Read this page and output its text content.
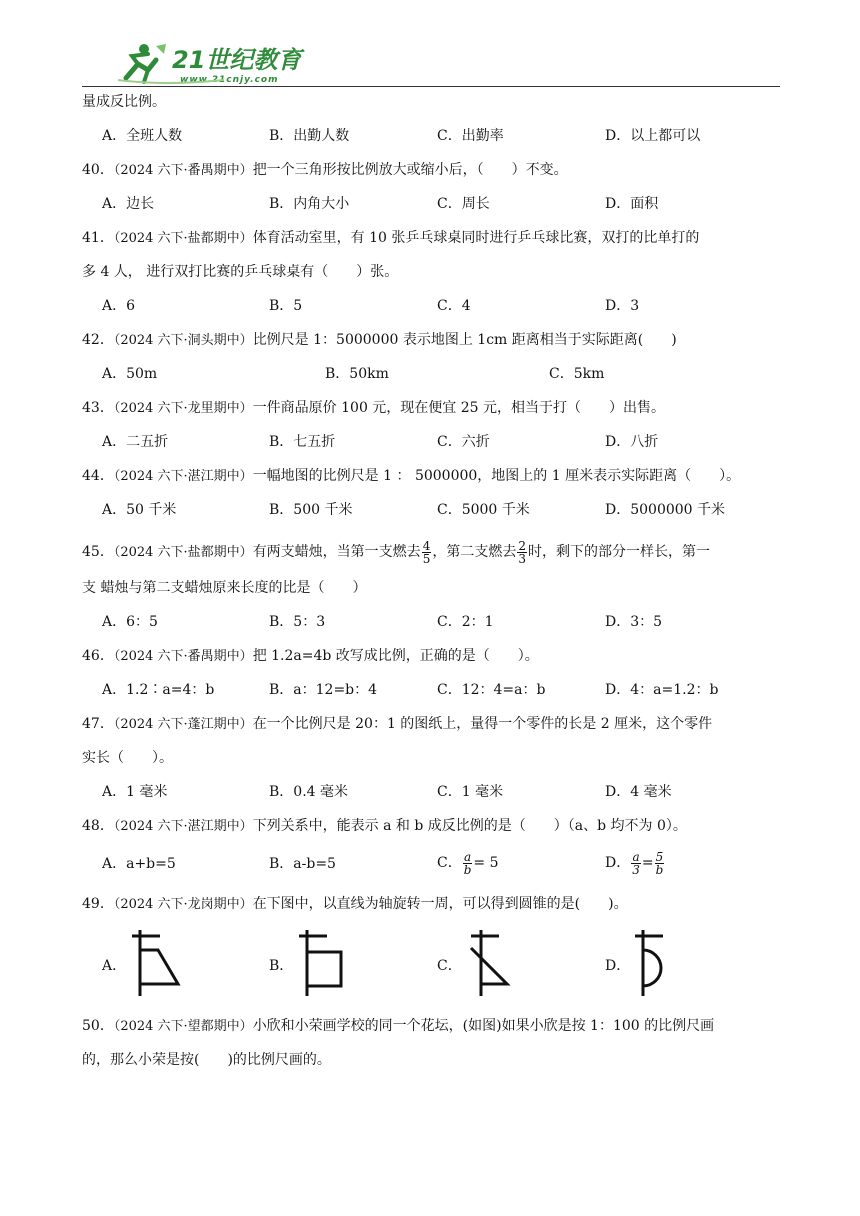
21世纪教育
www.21cnjy.com
量成反比例。
A．全班人数	B．出勤人数	C．出勤率	D．以上都可以
40．（2024 六下·番禺期中）把一个三角形按比例放大或缩小后，（　　）不变。
A．边长	B．内角大小	C．周长	D．面积
41．（2024 六下·盐都期中）体育活动室里，有 10 张乒乓球桌同时进行乒乓球比赛，双打的比单打的
多 4 人， 进行双打比赛的乒乓球桌有（　　）张。
A．6	B．5	C．4	D．3
42．（2024 六下·洞头期中）比例尺是 1：5000000 表示地图上 1cm 距离相当于实际距离(　　)
A．50m	B．50km	C．5km
43．（2024 六下·龙里期中）一件商品原价 100 元，现在便宜 25 元，相当于打（　　）出售。
A．二五折	B．七五折	C．六折	D．八折
44．（2024 六下·湛江期中）一幅地图的比例尺是 1 ： 5000000，地图上的 1 厘米表示实际距离（　　）。
A．50 千米	B．500 千米	C．5000 千米	D．5000000 千米
45．（2024 六下·盐都期中）有两支蜡烛，当第一支燃去 $\frac{4}{5}$ ，第二支燃去 $\frac{2}{3}$ 时，剩下的部分一样长，第一
支 蜡烛与第二支蜡烛原来长度的比是（　　）
A．6：5	B．5：3	C．2：1	D．3：5
46．（2024 六下·番禺期中）把 1.2a=4b 改写成比例，正确的是（　　）。
A．1.2∶a=4：b	B．a：12=b：4	C．12：4=a：b	D．4：a=1.2：b
47．（2024 六下·蓬江期中）在一个比例尺是 20：1 的图纸上，量得一个零件的长是 2 厘米，这个零件
实长（　　）。
A．1 毫米	B．0.4 毫米	C．1 毫米	D．4 毫米
48．（2024 六下·湛江期中）下列关系中，能表示 a 和 b 成反比例的是（　　）（a、b 均不为 0）。
A．a+b=5	B．a-b=5	C． $\frac{a}{b} = 5$	D． $\frac{a}{3} = \frac{5}{b}$
49．（2024 六下·龙岗期中）在下图中，以直线为轴旋转一周，可以得到圆锥的是(　　)。
A．	B．	C．	D．
50．（2024 六下·望都期中）小欣和小荣画学校的同一个花坛，(如图)如果小欣是按 1：100 的比例尺画
的，那么小荣是按(　　)的比例尺画的。
